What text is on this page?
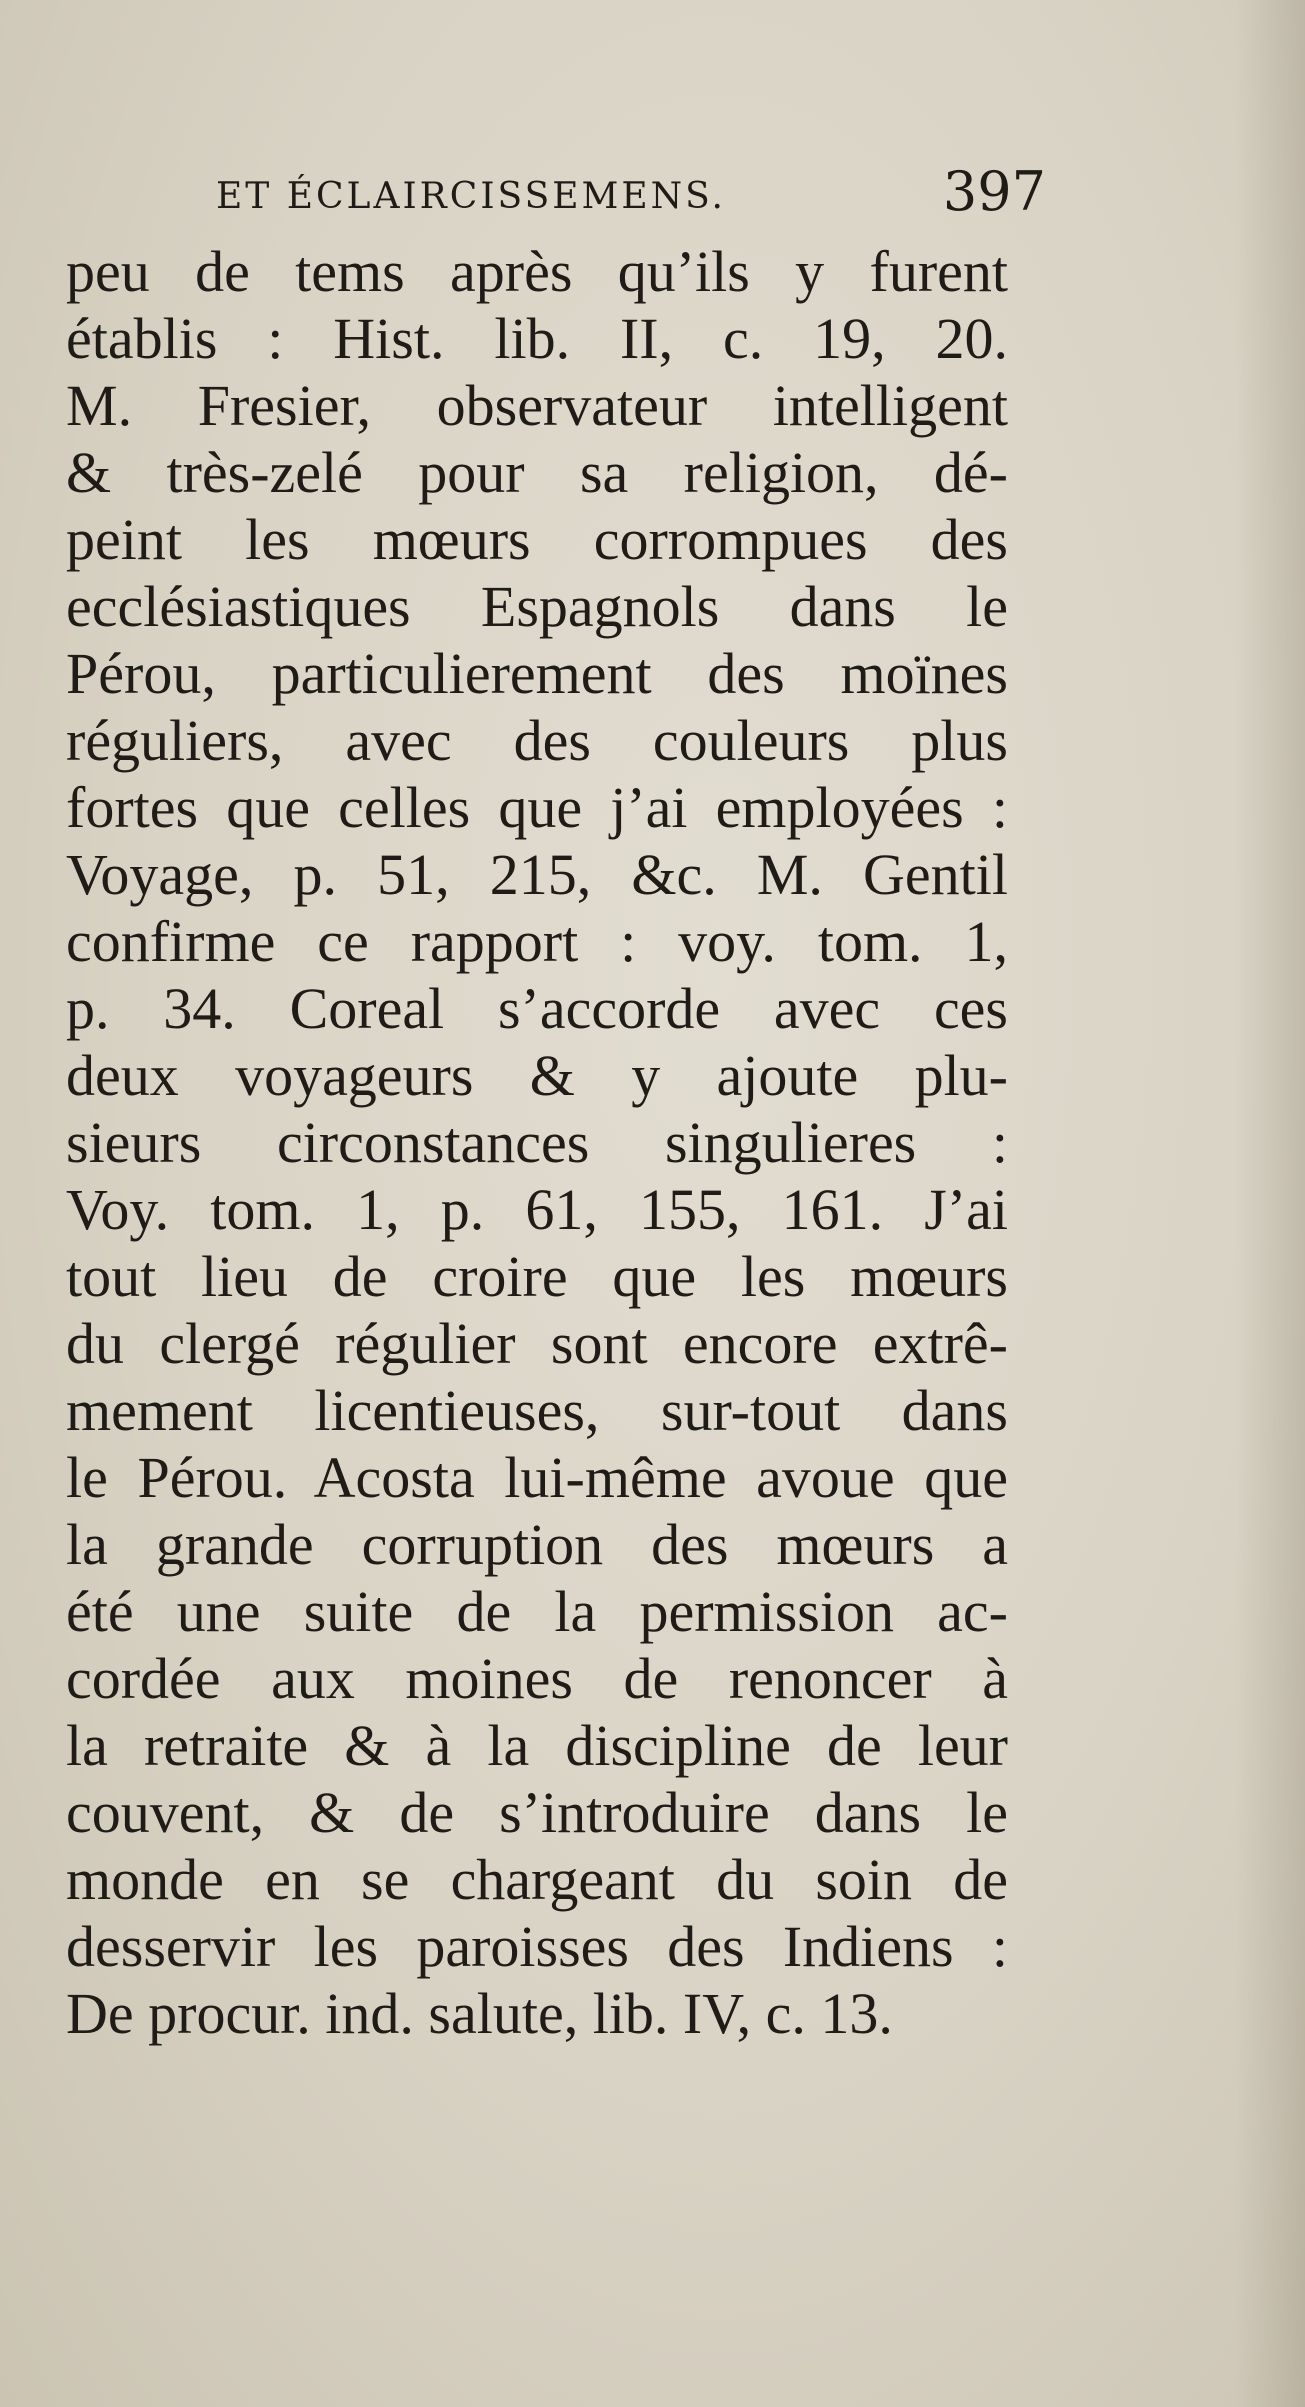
ET ÉCLAIRCISSEMENS.	397
peu de tems après qu’ils y furent
établis : Hist. lib. II, c. 19, 20.
M. Fresier, observateur intelligent
& très-zelé pour sa religion, dé-
peint les mœurs corrompues des
ecclésiastiques Espagnols dans le
Pérou, particulierement des moïnes
réguliers, avec des couleurs plus
fortes que celles que j’ai employées :
Voyage, p. 51, 215, &c. M. Gentil
confirme ce rapport : voy. tom. 1,
p. 34. Coreal s’accorde avec ces
deux voyageurs & y ajoute plu-
sieurs circonstances singulieres :
Voy. tom. 1, p. 61, 155, 161. J’ai
tout lieu de croire que les mœurs
du clergé régulier sont encore extrê-
mement licentieuses, sur-tout dans
le Pérou. Acosta lui-même avoue que
la grande corruption des mœurs a
été une suite de la permission ac-
cordée aux moines de renoncer à
la retraite & à la discipline de leur
couvent, & de s’introduire dans le
monde en se chargeant du soin de
desservir les paroisses des Indiens :
De procur. ind. salute, lib. IV, c. 13.
